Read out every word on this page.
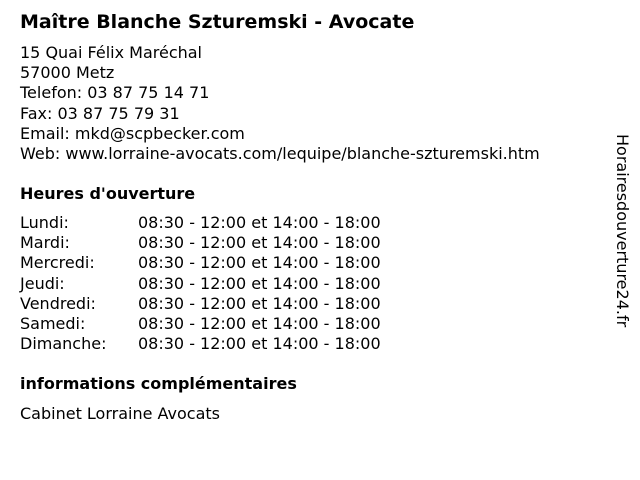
Maître Blanche Szturemski - Avocate
15 Quai Félix Maréchal
57000 Metz
Telefon: 03 87 75 14 71
Fax: 03 87 75 79 31
Email: mkd@scpbecker.com
Web: www.lorraine-avocats.com/lequipe/blanche-szturemski.htm
Heures d'ouverture
Lundi:	08:30 - 12:00 et 14:00 - 18:00
Mardi:	08:30 - 12:00 et 14:00 - 18:00
Mercredi:	08:30 - 12:00 et 14:00 - 18:00
Jeudi:	08:30 - 12:00 et 14:00 - 18:00
Vendredi:	08:30 - 12:00 et 14:00 - 18:00
Samedi:	08:30 - 12:00 et 14:00 - 18:00
Dimanche: 08:30 - 12:00 et 14:00 - 18:00
informations complémentaires
Cabinet Lorraine Avocats
Horairesdouverture24.fr
